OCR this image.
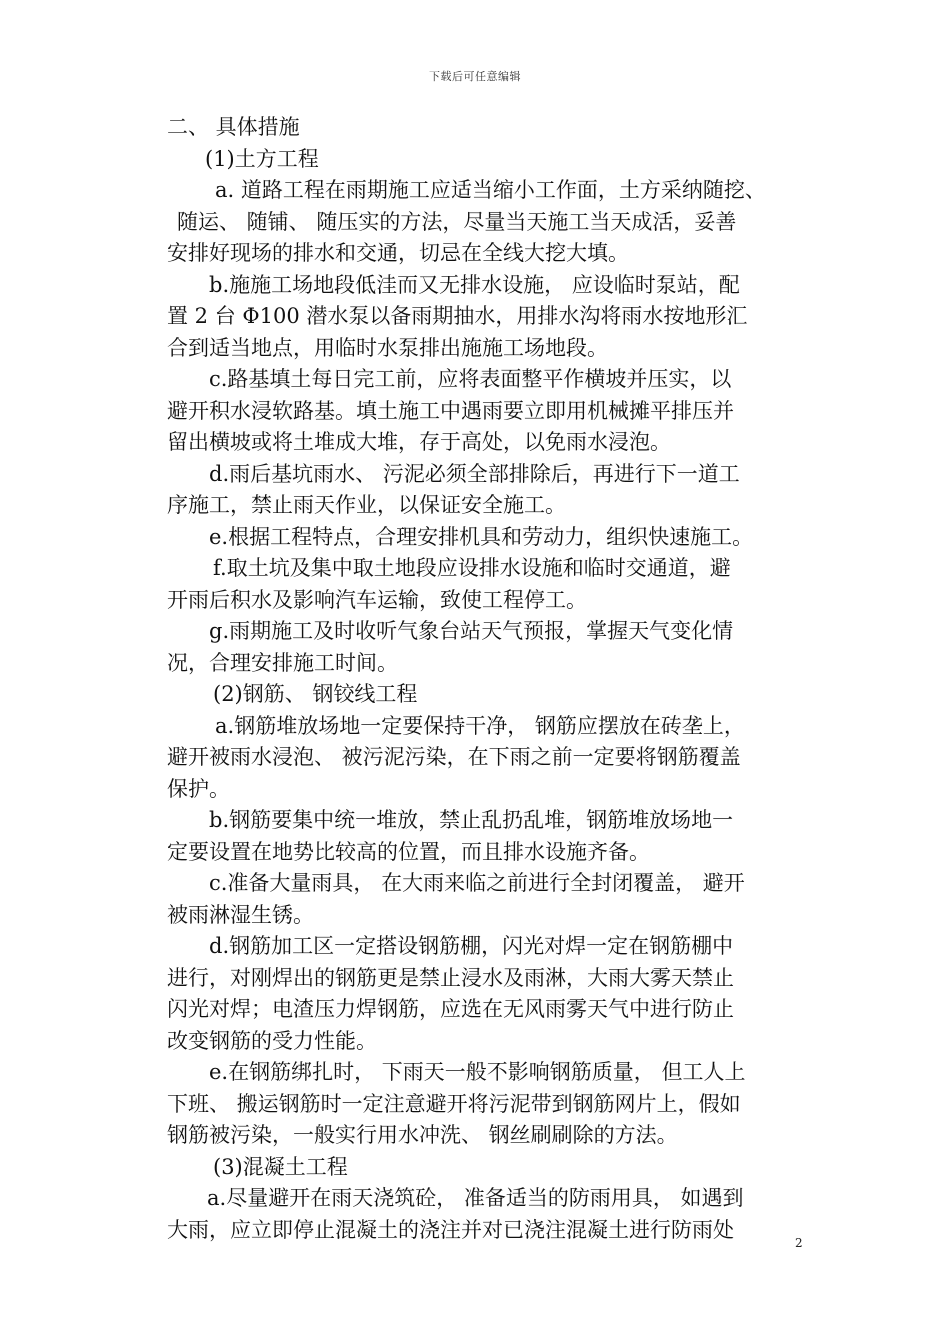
下载后可任意编辑
二、 具体措施
(1)土方工程
a. 道路工程在雨期施工应适当缩小工作面，土方采纳随挖、
随运、 随铺、 随压实的方法，尽量当天施工当天成活，妥善
安排好现场的排水和交通，切忌在全线大挖大填。
b.施施工场地段低洼而又无排水设施， 应设临时泵站，配
置 2 台 Φ100 潜水泵以备雨期抽水，用排水沟将雨水按地形汇
合到适当地点，用临时水泵排出施施工场地段。
c.路基填土每日完工前，应将表面整平作横坡并压实，以
避开积水浸软路基。填土施工中遇雨要立即用机械摊平排压并
留出横坡或将土堆成大堆，存于高处，以免雨水浸泡。
d.雨后基坑雨水、 污泥必须全部排除后，再进行下一道工
序施工，禁止雨天作业，以保证安全施工。
e.根据工程特点，合理安排机具和劳动力，组织快速施工。
f.取土坑及集中取土地段应设排水设施和临时交通道，避
开雨后积水及影响汽车运输，致使工程停工。
g.雨期施工及时收听气象台站天气预报，掌握天气变化情
况，合理安排施工时间。
(2)钢筋、 钢铰线工程
a.钢筋堆放场地一定要保持干净， 钢筋应摆放在砖垄上，
避开被雨水浸泡、 被污泥污染，在下雨之前一定要将钢筋覆盖
保护。
b.钢筋要集中统一堆放，禁止乱扔乱堆，钢筋堆放场地一
定要设置在地势比较高的位置，而且排水设施齐备。
c.准备大量雨具， 在大雨来临之前进行全封闭覆盖， 避开
被雨淋湿生锈。
d.钢筋加工区一定搭设钢筋棚，闪光对焊一定在钢筋棚中
进行，对刚焊出的钢筋更是禁止浸水及雨淋，大雨大雾天禁止
闪光对焊；电渣压力焊钢筋，应选在无风雨雾天气中进行防止
改变钢筋的受力性能。
e.在钢筋绑扎时， 下雨天一般不影响钢筋质量， 但工人上
下班、 搬运钢筋时一定注意避开将污泥带到钢筋网片上，假如
钢筋被污染，一般实行用水冲洗、 钢丝刷刷除的方法。
(3)混凝土工程
a.尽量避开在雨天浇筑砼， 准备适当的防雨用具， 如遇到
大雨，应立即停止混凝土的浇注并对已浇注混凝土进行防雨处
2
